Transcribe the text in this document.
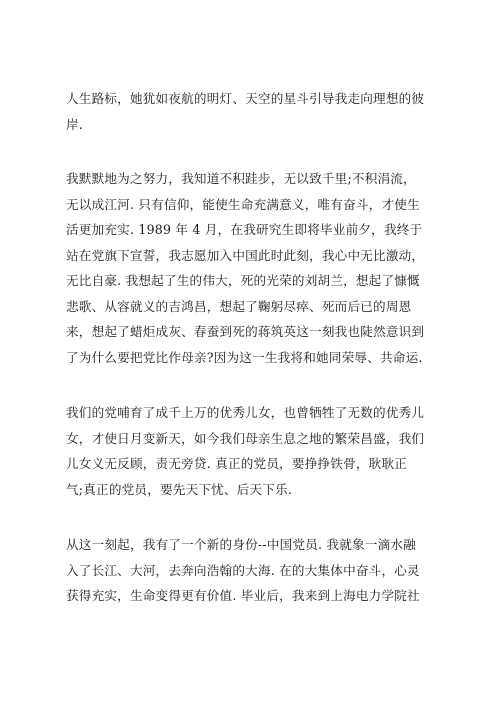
人生路标，她犹如夜航的明灯、天空的星斗引导我走向理想的彼
岸.

我默默地为之努力，我知道不积跬步，无以致千里;不积涓流，
无以成江河. 只有信仰，能使生命充满意义，唯有奋斗，才使生
活更加充实. 1989 年 4 月，在我研究生即将毕业前夕，我终于
站在党旗下宣誓，我志愿加入中国此时此刻，我心中无比激动，
无比自豪. 我想起了生的伟大，死的光荣的刘胡兰，想起了慷慨
悲歌、从容就义的吉鸿昌，想起了鞠躬尽瘁、死而后已的周恩
来，想起了蜡炬成灰、春蚕到死的蒋筑英这一刻我也陡然意识到
了为什么要把党比作母亲?因为这一生我将和她同荣辱、共命运.

我们的党哺育了成千上万的优秀儿女，也曾牺牲了无数的优秀儿
女，才使日月变新天，如今我们母亲生息之地的繁荣昌盛，我们
儿女义无反顾，责无旁贷. 真正的党员，要挣挣铁骨，耿耿正
气;真正的党员，要先天下忧、后天下乐.

从这一刻起，我有了一个新的身份--中国党员. 我就象一滴水融
入了长江、大河，去奔向浩翰的大海. 在的大集体中奋斗，心灵
获得充实，生命变得更有价值. 毕业后，我来到上海电力学院社
